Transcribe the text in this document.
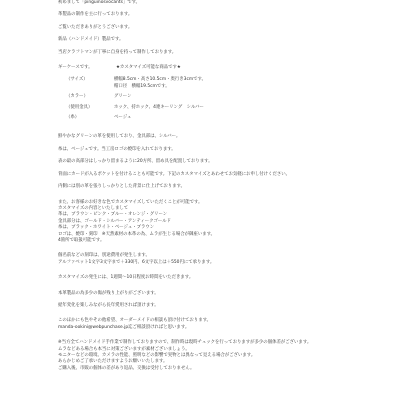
初めまして「pinguinosvocants」です。
革製品の制作を主に行っております。
ご覧いただきありがとうございます。
新品（ハンドメイド）製品です。
当店クラフトマンが丁寧に自身を持って制作しております。
ギーケースです。	★カスタマイズ可能な商品です★
（サイズ）	横幅8.5cm・高さ10.5cm・奥行き3cmです。
帽口径　横幅19.5cmです。
（カラー）	グリーン
（使用金具）	ホック、持ホック、4連キーリング　シルバー
（糸）	ベージュ
鮮やかなグリーンの革を使用しており、金具部は、シルバー。
糸は、ベージュです。当工房ロゴの焼印を入れております。
表の最の高部分はしっかり留まるように20方所、留め具を配置しております。
背面にカードが入るポケットを付けることも可能です。下記のカスタマイズとあわせてお気軽にお申し付けください。
内側には別の革を張りしっかりとした背景に仕上げております。
また、お客様のお好きな色でカスタマイズしていただくことが可能です。
カスタマイズの内容といたしまして
革は、ブラウン・ピンク・ブルー・オレンジ・グリーン
金具部分は、ゴールド・シルバー・アンティークゴールド
糸は、ブラック・ホワイト・ベージュ・ブラウン
ロゴは、焼印・刻印　※天然素材の本革の為、ムラが生じる場合が御座います。
4箇所で取扱可能です。
個名前などの刻印は、別途費用が発生します。
アルファベット1文字3文字まで＋330円、6文字以上は＋550円にて承ります。
カスタマイズの発生には、1週間〜10日程度お時間をいただきます。
本革製品の為多少の傷が残り上がりがございます。
経年変化を楽しみながら長年愛用されば頂けます。
このほかにも色やその他希望、オーダーメイドの相談も頂け付けております。
manda-ookini@webpunchase.jp迄ご相談頂ければと思います。
※当方全てハンドメイド手作業で制作しておりますので、制作時は現時チェックを行っておりますが多少の個体差がございます。
ムラなどある場合も本当に対策ございますが素材ございましょう。
モニターなどの環境、カメラの性能、照明などの影響で実物とは異なって見える場合がございます。
あらかじめご了承いただけますようお願いいたします。
ご購入後、市販の個体の差があり返品、交換は受付しておりません。
